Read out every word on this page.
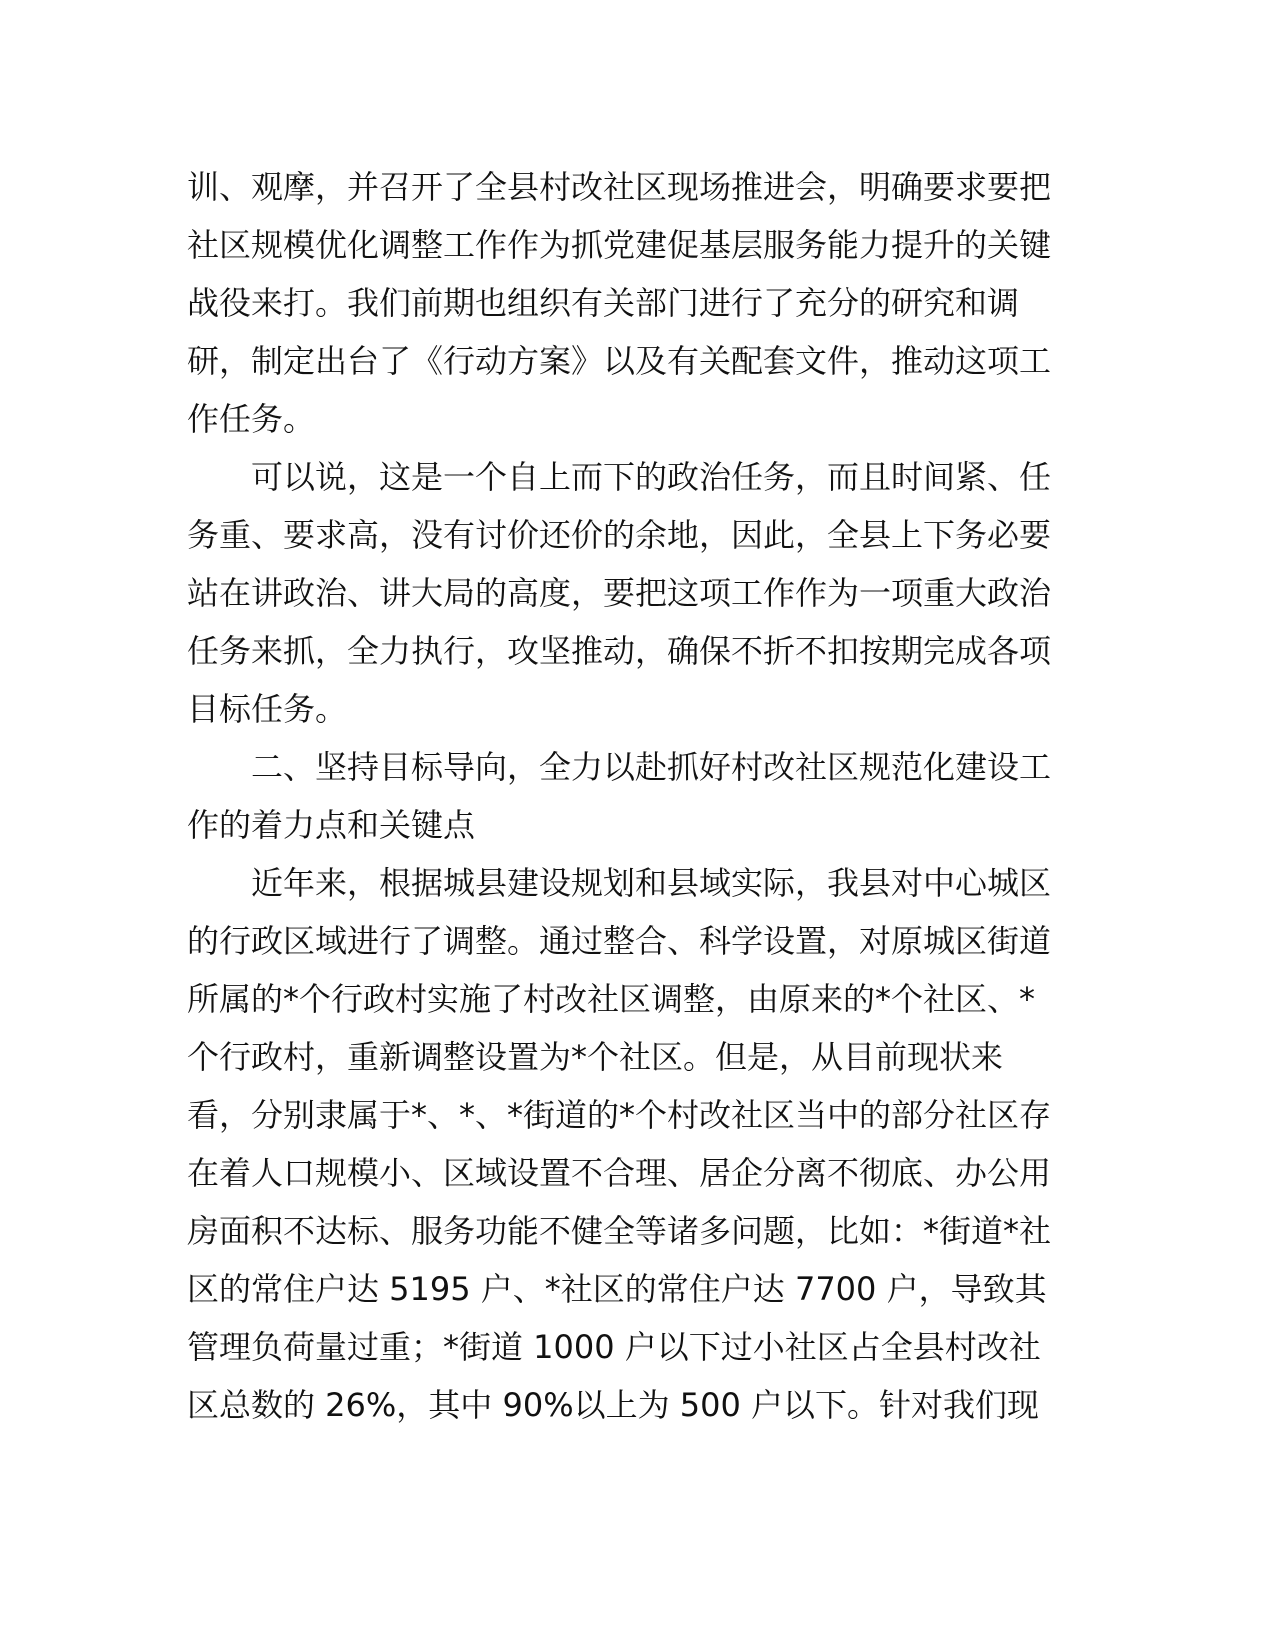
训、观摩，并召开了全县村改社区现场推进会，明确要求要把
社区规模优化调整工作作为抓党建促基层服务能力提升的关键
战役来打。我们前期也组织有关部门进行了充分的研究和调
研，制定出台了《行动方案》以及有关配套文件，推动这项工
作任务。
可以说，这是一个自上而下的政治任务，而且时间紧、任
务重、要求高，没有讨价还价的余地，因此，全县上下务必要
站在讲政治、讲大局的高度，要把这项工作作为一项重大政治
任务来抓，全力执行，攻坚推动，确保不折不扣按期完成各项
目标任务。
二、坚持目标导向，全力以赴抓好村改社区规范化建设工
作的着力点和关键点
近年来，根据城县建设规划和县域实际，我县对中心城区
的行政区域进行了调整。通过整合、科学设置，对原城区街道
所属的*个行政村实施了村改社区调整，由原来的*个社区、*
个行政村，重新调整设置为*个社区。但是，从目前现状来
看，分别隶属于*、*、*街道的*个村改社区当中的部分社区存
在着人口规模小、区域设置不合理、居企分离不彻底、办公用
房面积不达标、服务功能不健全等诸多问题，比如：*街道*社
区的常住户达 5195 户、*社区的常住户达 7700 户，导致其
管理负荷量过重；*街道 1000 户以下过小社区占全县村改社
区总数的 26%，其中 90%以上为 500 户以下。针对我们现
